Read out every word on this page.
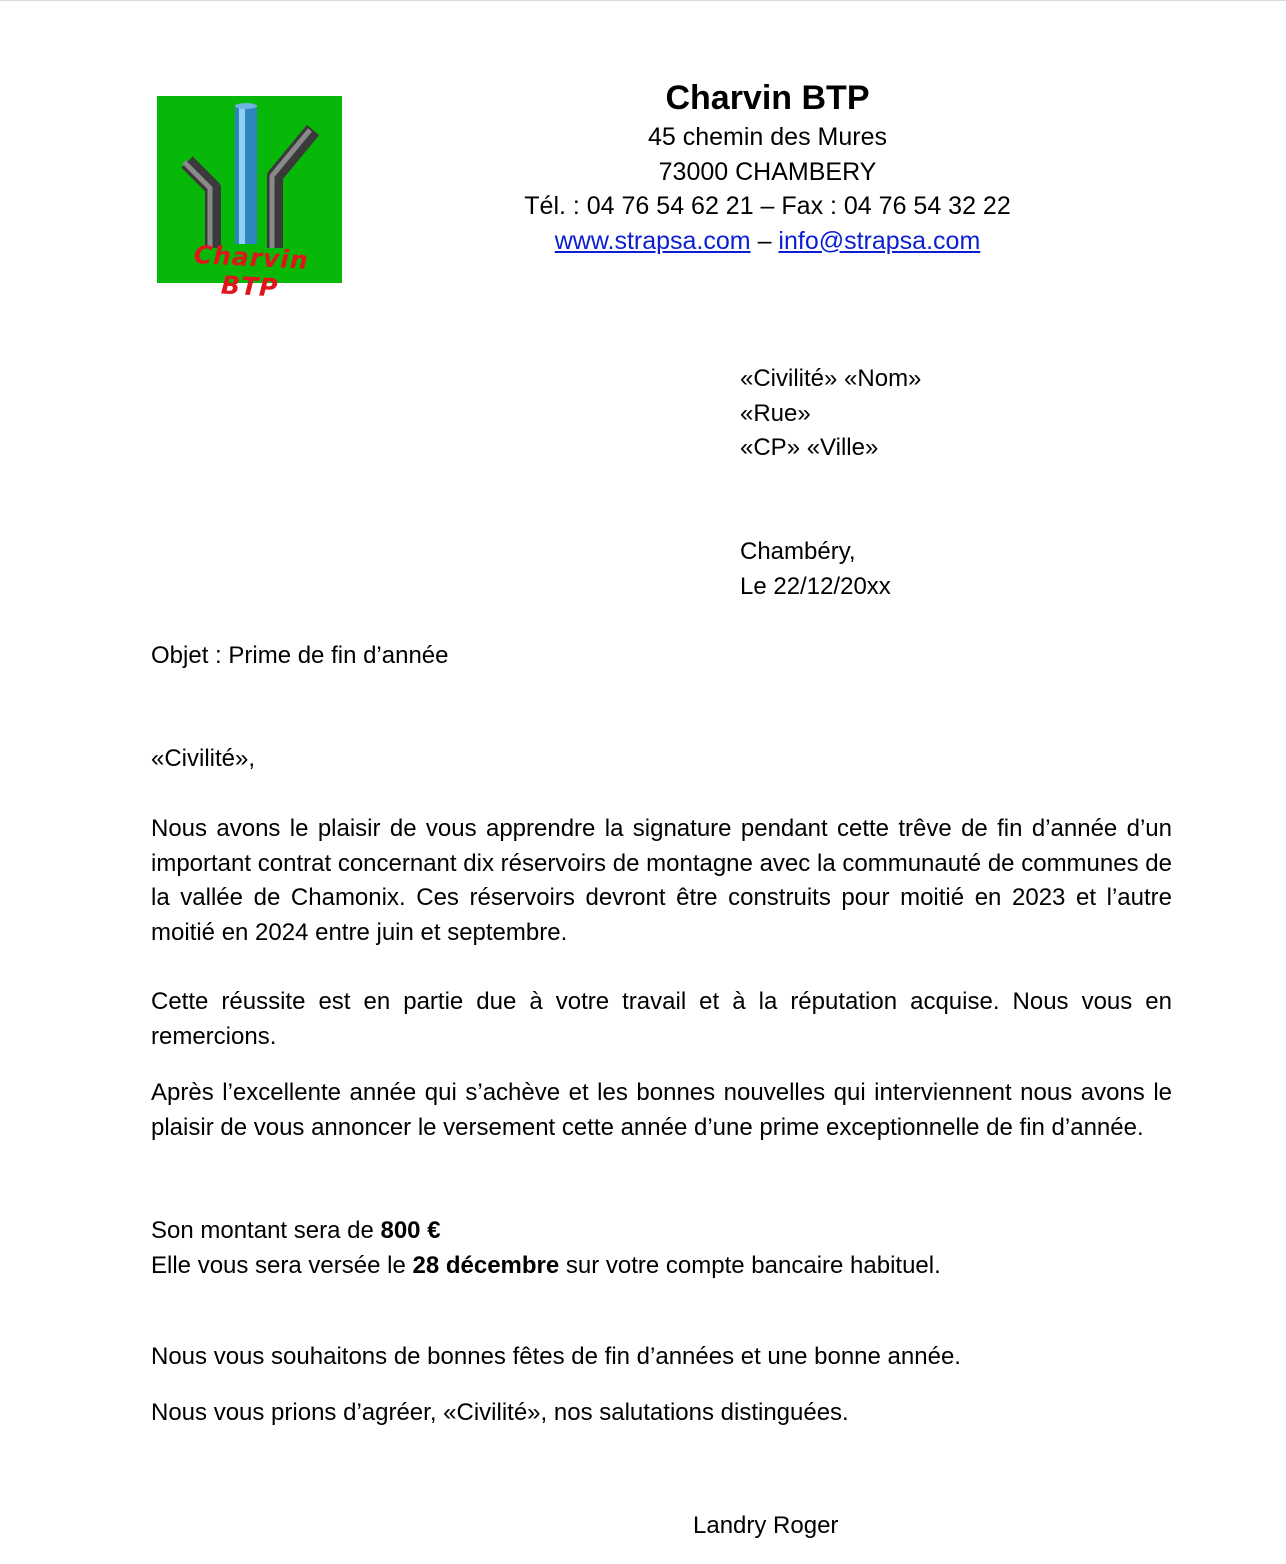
Charvin BTP
Charvin BTP
45 chemin des Mures
73000 CHAMBERY
Tél. : 04 76 54 62 21 – Fax : 04 76 54 32 22
www.strapsa.com – info@strapsa.com
«Civilité» «Nom»
«Rue»
«CP» «Ville»
Chambéry,
Le 22/12/20xx
Objet : Prime de fin d’année
«Civilité»,
Nous avons le plaisir de vous apprendre la signature pendant cette trêve de fin d’année d’un important contrat concernant dix réservoirs de montagne avec la communauté de communes de la vallée de Chamonix. Ces réservoirs devront être construits pour moitié en 2023 et l’autre moitié en 2024 entre juin et septembre.
Cette réussite est en partie due à votre travail et à la réputation acquise. Nous vous en remercions.
Après l’excellente année qui s’achève et les bonnes nouvelles qui interviennent nous avons le plaisir de vous annoncer le versement cette année d’une prime exceptionnelle de fin d’année.
Son montant sera de 800 €
Elle vous sera versée le 28 décembre sur votre compte bancaire habituel.
Nous vous souhaitons de bonnes fêtes de fin d’années et une bonne année.
Nous vous prions d’agréer, «Civilité», nos salutations distinguées.
Landry Roger
